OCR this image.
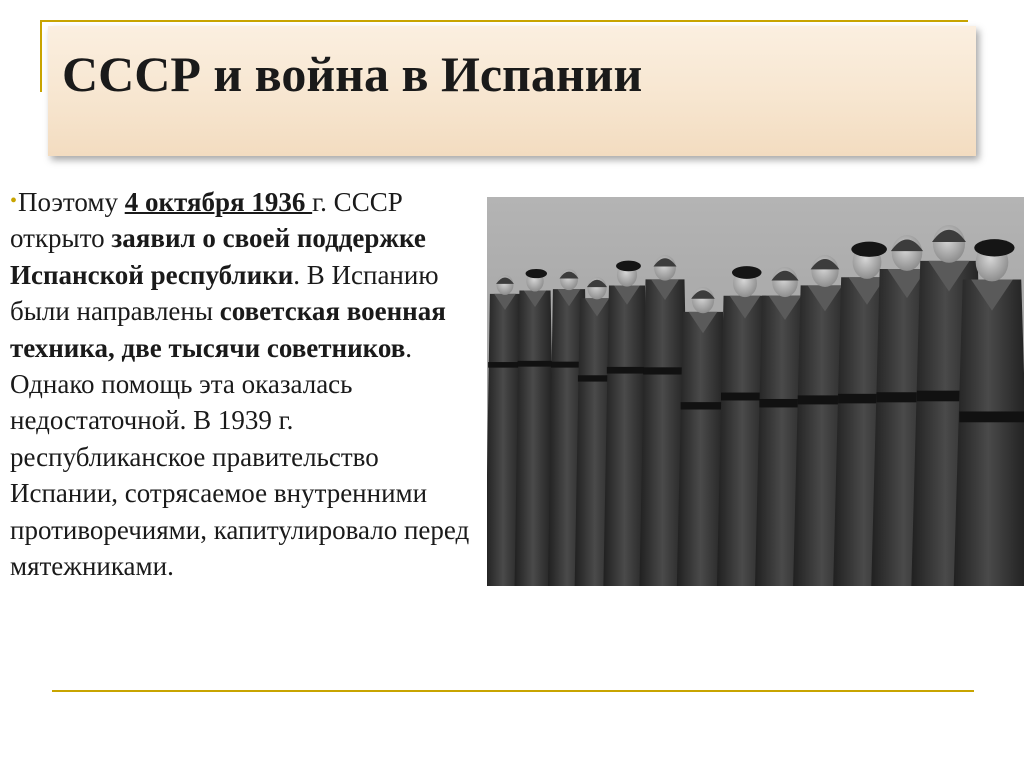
СССР и война в Испании
•Поэтому 4 октября 1936 г. СССР открыто заявил о своей поддержке Испанской республики. В Испанию были направлены советская военная техника, две тысячи советников. Однако помощь эта оказалась недостаточной. В 1939 г. республиканское правительство Испании, сотрясаемое внутренними противоречиями, капитулировало перед мятежниками.
